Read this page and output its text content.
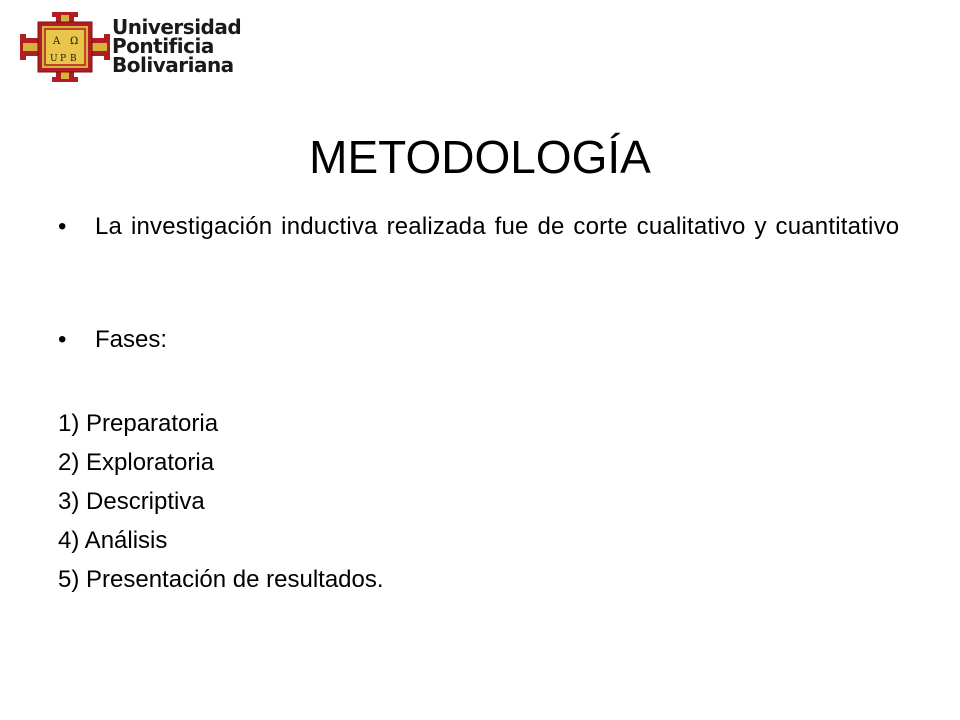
A Ω
U P B
Universidad
Pontificia
Bolivariana
METODOLOGÍA
•	La investigación inductiva realizada fue de corte cualitativo y cuantitativo
•	Fases:
1) Preparatoria
2) Exploratoria
3) Descriptiva
4) Análisis
5) Presentación de resultados.
